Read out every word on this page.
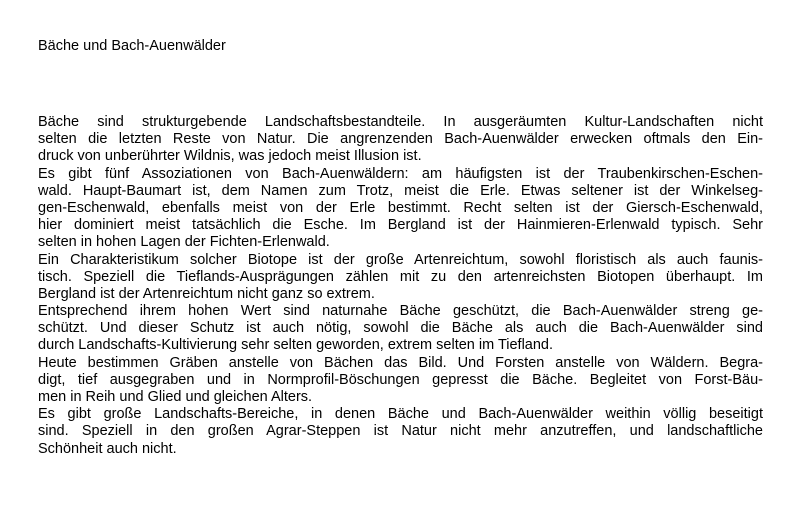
Bäche und Bach-Auenwälder
Bäche sind strukturgebende Landschaftsbestandteile. In ausgeräumten Kultur-Landschaften nicht
selten die letzten Reste von Natur. Die angrenzenden Bach-Auenwälder erwecken oftmals den Ein-
druck von unberührter Wildnis, was jedoch meist Illusion ist.
Es gibt fünf Assoziationen von Bach-Auenwäldern: am häufigsten ist der Traubenkirschen-Eschen-
wald. Haupt-Baumart ist, dem Namen zum Trotz, meist die Erle. Etwas seltener ist der Winkelseg-
gen-Eschenwald, ebenfalls meist von der Erle bestimmt. Recht selten ist der Giersch-Eschenwald,
hier dominiert meist tatsächlich die Esche. Im Bergland ist der Hainmieren-Erlenwald typisch. Sehr
selten in hohen Lagen der Fichten-Erlenwald.
Ein Charakteristikum solcher Biotope ist der große Artenreichtum, sowohl floristisch als auch faunis-
tisch. Speziell die Tieflands-Ausprägungen zählen mit zu den artenreichsten Biotopen überhaupt. Im
Bergland ist der Artenreichtum nicht ganz so extrem.
Entsprechend ihrem hohen Wert sind naturnahe Bäche geschützt, die Bach-Auenwälder streng ge-
schützt. Und dieser Schutz ist auch nötig, sowohl die Bäche als auch die Bach-Auenwälder sind
durch Landschafts-Kultivierung sehr selten geworden, extrem selten im Tiefland.
Heute bestimmen Gräben anstelle von Bächen das Bild. Und Forsten anstelle von Wäldern. Begra-
digt, tief ausgegraben und in Normprofil-Böschungen gepresst die Bäche. Begleitet von Forst-Bäu-
men in Reih und Glied und gleichen Alters.
Es gibt große Landschafts-Bereiche, in denen Bäche und Bach-Auenwälder weithin völlig beseitigt
sind. Speziell in den großen Agrar-Steppen ist Natur nicht mehr anzutreffen, und landschaftliche
Schönheit auch nicht.
